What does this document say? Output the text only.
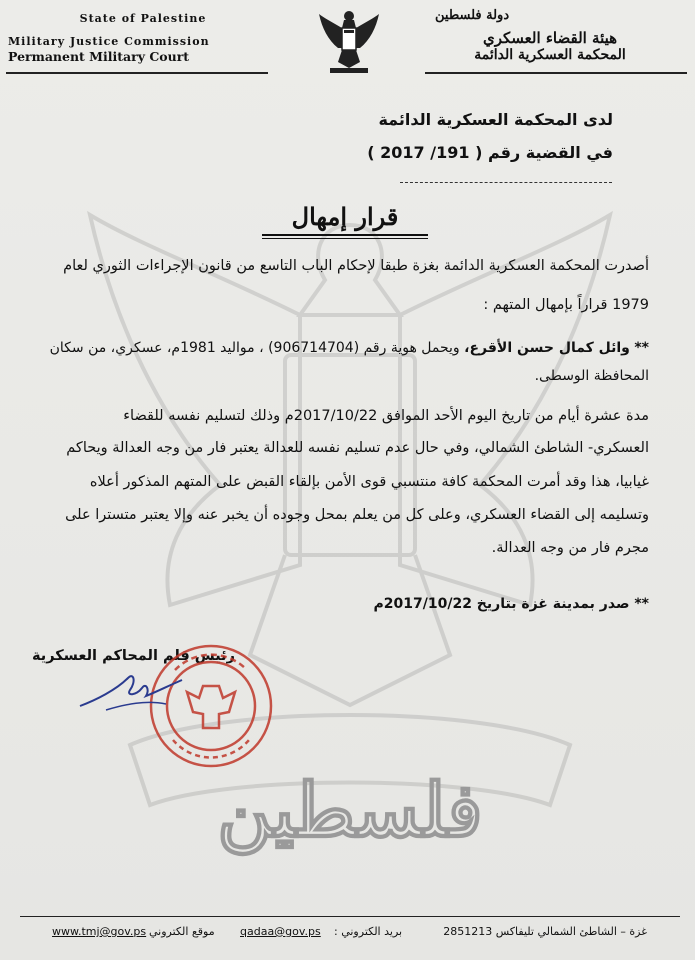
فلسطين
State of Palestine
Military Justice Commission
Permanent Military Court
دولة فلسطين
هيئة القضاء العسكري
المحكمة العسكرية الدائمة
لدى المحكمة العسكرية الدائمة
في القضية رقم ( 191/ 2017 )
قرار إمهال
أصدرت المحكمة العسكرية الدائمة بغزة طبقا لإحكام الباب التاسع من قانون الإجراءات الثوري لعام
1979 قراراً بإمهال المتهم :
** وائل كمال حسن الأقرع، ويحمل هوية رقم (906714704) ، مواليد 1981م، عسكري، من سكان
المحافظة الوسطى.
مدة عشرة أيام من تاريخ اليوم الأحد الموافق 2017/10/22م وذلك لتسليم نفسه للقضاء
العسكري- الشاطئ الشمالي، وفي حال عدم تسليم نفسه للعدالة يعتبر فار من وجه العدالة ويحاكم
غيابيا، هذا وقد أمرت المحكمة كافة منتسبي قوى الأمن بإلقاء القبض على المتهم المذكور أعلاه
وتسليمه إلى القضاء العسكري، وعلى كل من يعلم بمحل وجوده أن يخبر عنه وإلا يعتبر متسترا على
مجرم فار من وجه العدالة.
** صدر بمدينة غزة بتاريخ 2017/10/22م
رئيس قلم المحاكم العسكرية
غزة – الشاطئ الشمالي تليفاكس 2851213
بريد الكتروني :
qadaa@gov.ps
موقع الكتروني
www.tmj@gov.ps
